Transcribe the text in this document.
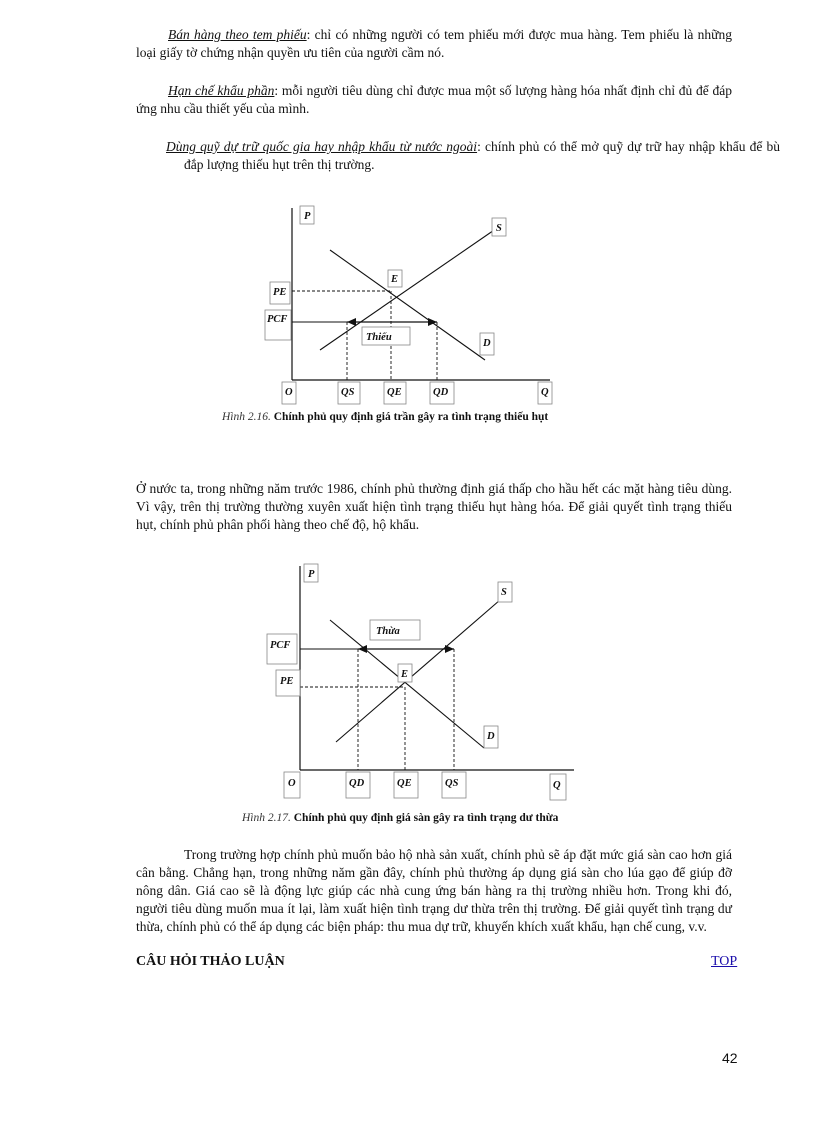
Bán hàng theo tem phiếu: chỉ có những người có tem phiếu mới được mua hàng. Tem phiếu là những loại giấy tờ chứng nhận quyền ưu tiên của người cầm nó.

Hạn chế khẩu phần: mỗi người tiêu dùng chỉ được mua một số lượng hàng hóa nhất định chỉ đủ để đáp ứng nhu cầu thiết yếu của mình.

Dùng quỹ dự trữ quốc gia hay nhập khẩu từ nước ngoài: chính phủ có thể mở quỹ dự trữ hay nhập khẩu để bù đắp lượng thiếu hụt trên thị trường.

P
S
E
PE
PCF
Thiếu
D
O	QS	QE	QD	Q
Hình 2.16. Chính phủ quy định giá trần gây ra tình trạng thiếu hụt

Ở nước ta, trong những năm trước 1986, chính phủ thường định giá thấp cho hầu hết các mặt hàng tiêu dùng. Vì vậy, trên thị trường thường xuyên xuất hiện tình trạng thiếu hụt hàng hóa. Để giải quyết tình trạng thiếu hụt, chính phủ phân phối hàng theo chế độ, hộ khẩu.

P
S
Thừa
PCF
E
PE
D
O	QD	QE	QS	Q
Hình 2.17. Chính phủ quy định giá sàn gây ra tình trạng dư thừa

Trong trường hợp chính phủ muốn bảo hộ nhà sản xuất, chính phủ sẽ áp đặt mức giá sàn cao hơn giá cân bằng. Chẳng hạn, trong những năm gần đây, chính phủ thường áp dụng giá sàn cho lúa gạo để giúp đỡ nông dân. Giá cao sẽ là động lực giúp các nhà cung ứng bán hàng ra thị trường nhiều hơn. Trong khi đó, người tiêu dùng muốn mua ít lại, làm xuất hiện tình trạng dư thừa trên thị trường. Để giải quyết tình trạng dư thừa, chính phủ có thể áp dụng các biện pháp: thu mua dự trữ, khuyến khích xuất khẩu, hạn chế cung, v.v.

CÂU HỎI THẢO LUẬN	TOP
42
